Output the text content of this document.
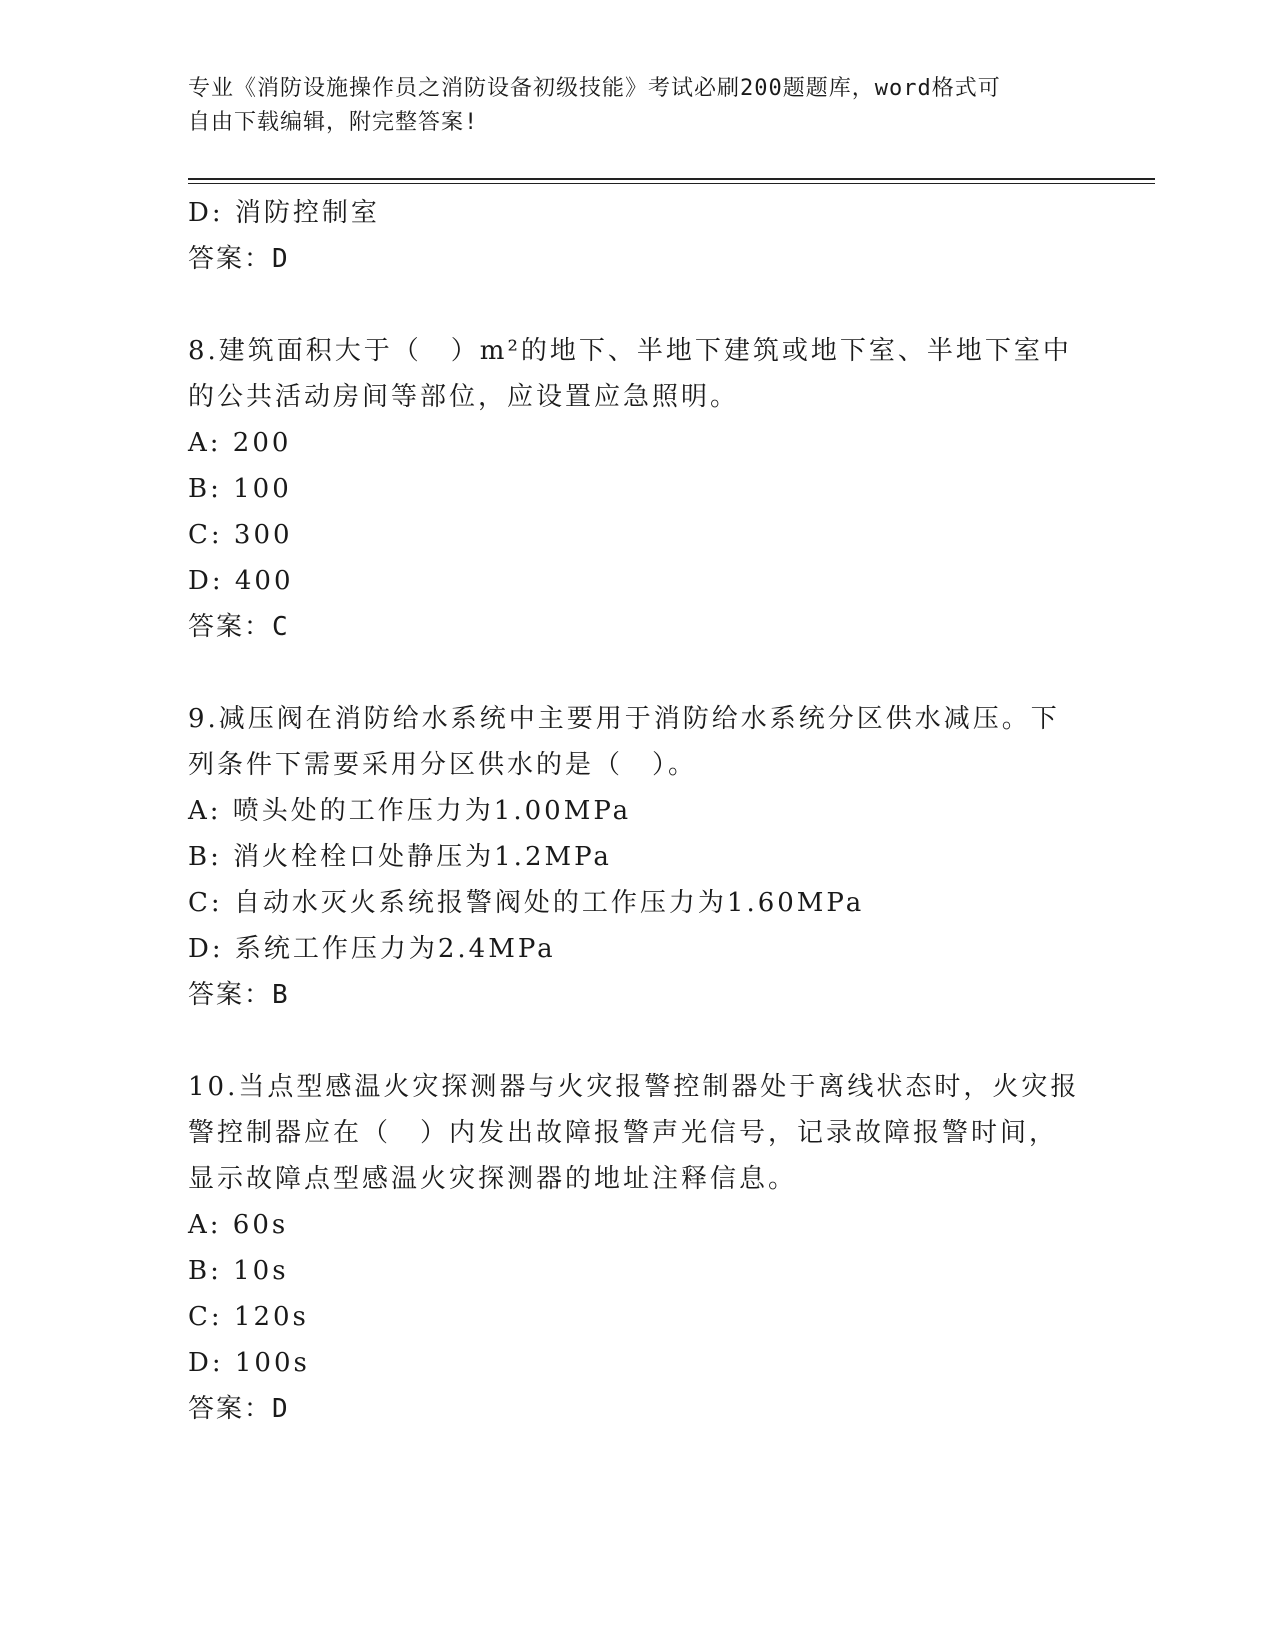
专业《消防设施操作员之消防设备初级技能》考试必刷200题题库，word格式可
自由下载编辑，附完整答案!
D: 消防控制室
答案：D
8.建筑面积大于（　）m²的地下、半地下建筑或地下室、半地下室中
的公共活动房间等部位，应设置应急照明。
A: 200
B: 100
C: 300
D: 400
答案：C
9.减压阀在消防给水系统中主要用于消防给水系统分区供水减压。下
列条件下需要采用分区供水的是（　）。
A: 喷头处的工作压力为1.00MPa
B: 消火栓栓口处静压为1.2MPa
C: 自动水灭火系统报警阀处的工作压力为1.60MPa
D: 系统工作压力为2.4MPa
答案：B
10.当点型感温火灾探测器与火灾报警控制器处于离线状态时，火灾报
警控制器应在（　）内发出故障报警声光信号，记录故障报警时间，
显示故障点型感温火灾探测器的地址注释信息。
A: 60s
B: 10s
C: 120s
D: 100s
答案：D
